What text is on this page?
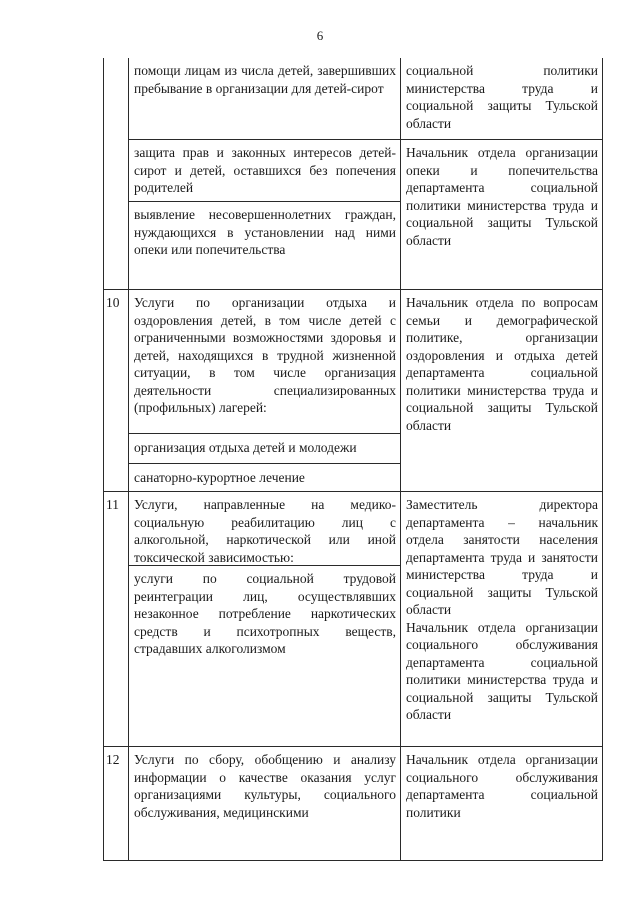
6
помощи лицам из числа детей, завершивших пребывание в организации для детей-сирот
защита прав и законных интересов детей-сирот и детей, оставшихся без попечения родителей
выявление несовершеннолетних граждан, нуждающихся в установлении над ними опеки или попечительства
социальной политики министерства труда и социальной защиты Тульской области
Начальник отдела организации опеки и попечительства департамента социальной политики министерства труда и социальной защиты Тульской области
10 Услуги по организации отдыха и оздоровления детей, в том числе детей с ограниченными возможностями здоровья и детей, находящихся в трудной жизненной ситуации, в том числе организация деятельности специализированных (профильных) лагерей:
организация отдыха детей и молодежи
санаторно-курортное лечение
Начальник отдела по вопросам семьи и демографической политике, организации оздоровления и отдыха детей департамента социальной политики министерства труда и социальной защиты Тульской области
11 Услуги, направленные на медико-социальную реабилитацию лиц с алкогольной, наркотической или иной токсической зависимостью:
услуги по социальной трудовой реинтеграции лиц, осуществлявших незаконное потребление наркотических средств и психотропных веществ, страдавших алкоголизмом
Заместитель директора департамента – начальник отдела занятости населения департамента труда и занятости министерства труда и социальной защиты Тульской области
Начальник отдела организации социального обслуживания департамента социальной политики министерства труда и социальной защиты Тульской области
12 Услуги по сбору, обобщению и анализу информации о качестве оказания услуг организациями культуры, социального обслуживания, медицинскими
Начальник отдела организации социального обслуживания департамента социальной политики
